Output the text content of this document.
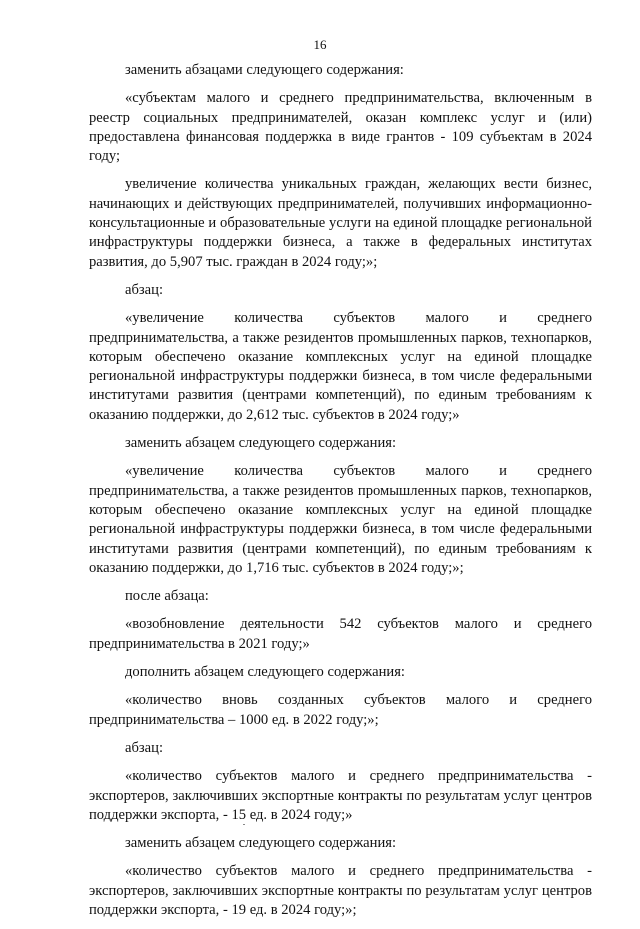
16

заменить абзацами следующего содержания:

«субъектам малого и среднего предпринимательства, включенным в реестр социальных предпринимателей, оказан комплекс услуг и (или) предоставлена финансовая поддержка в виде грантов - 109 субъектам в 2024 году;

увеличение количества уникальных граждан, желающих вести бизнес, начинающих и действующих предпринимателей, получивших информационно-консультационные и образовательные услуги на единой площадке региональной инфраструктуры поддержки бизнеса, а также в федеральных институтах развития, до 5,907 тыс. граждан в 2024 году;»;

абзац:

«увеличение количества субъектов малого и среднего предпринимательства, а также резидентов промышленных парков, технопарков, которым обеспечено оказание комплексных услуг на единой площадке региональной инфраструктуры поддержки бизнеса, в том числе федеральными институтами развития (центрами компетенций), по единым требованиям к оказанию поддержки, до 2,612 тыс. субъектов в 2024 году;»

заменить абзацем следующего содержания:

«увеличение количества субъектов малого и среднего предпринимательства, а также резидентов промышленных парков, технопарков, которым обеспечено оказание комплексных услуг на единой площадке региональной инфраструктуры поддержки бизнеса, в том числе федеральными институтами развития (центрами компетенций), по единым требованиям к оказанию поддержки, до 1,716 тыс. субъектов в 2024 году;»;

после абзаца:

«возобновление деятельности 542 субъектов малого и среднего предпринимательства в 2021 году;»

дополнить абзацем следующего содержания:

«количество вновь созданных субъектов малого и среднего предпринимательства – 1000 ед. в 2022 году;»;

абзац:

«количество субъектов малого и среднего предпринимательства - экспортеров, заключивших экспортные контракты по результатам услуг центров поддержки экспорта, - 15 ед. в 2024 году;»

заменить абзацем следующего содержания:

«количество субъектов малого и среднего предпринимательства - экспортеров, заключивших экспортные контракты по результатам услуг центров поддержки экспорта, - 19 ед. в 2024 году;»;
